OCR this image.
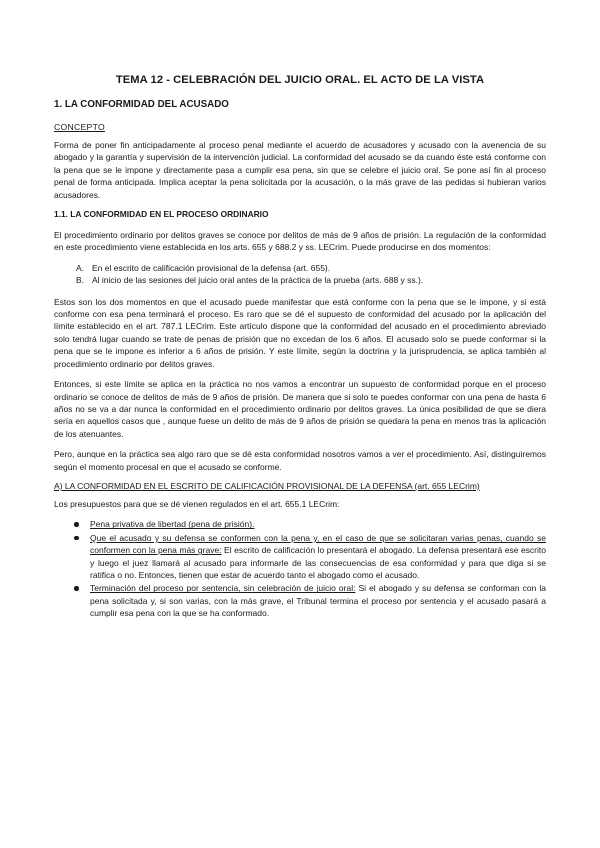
TEMA 12 - CELEBRACIÓN DEL JUICIO ORAL. EL ACTO DE LA VISTA
1. LA CONFORMIDAD DEL ACUSADO
CONCEPTO

Forma de poner fin anticipadamente al proceso penal mediante el acuerdo de acusadores y acusado con la avenencia de su abogado y la garantía y supervisión de la intervención judicial. La conformidad del acusado se da cuando éste está conforme con la pena que se le impone y directamente pasa a cumplir esa pena, sin que se celebre el juicio oral. Se pone así fin al proceso penal de forma anticipada. Implica aceptar la pena solicitada por la acusación, o la más grave de las pedidas si hubieran varios acusadores.

1.1. LA CONFORMIDAD EN EL PROCESO ORDINARIO

El procedimiento ordinario por delitos graves se conoce por delitos de más de 9 años de prisión. La regulación de la conformidad en este procedimiento viene establecida en los arts. 655 y 688.2 y ss. LECrim. Puede producirse en dos momentos:

A. En el escrito de calificación provisional de la defensa (art. 655).
B. Al inicio de las sesiones del juicio oral antes de la práctica de la prueba (arts. 688 y ss.).

Estos son los dos momentos en que el acusado puede manifestar que está conforme con la pena que se le impone, y si está conforme con esa pena terminará el proceso. Es raro que se dé el supuesto de conformidad del acusado por la aplicación del límite establecido en el art. 787.1 LECrim. Este artículo dispone que la conformidad del acusado en el procedimiento abreviado solo tendrá lugar cuando se trate de penas de prisión que no excedan de los 6 años. El acusado solo se puede conformar si la pena que se le impone es inferior a 6 años de prisión. Y este límite, según la doctrina y la jurisprudencia, se aplica también al procedimiento ordinario por delitos graves.

Entonces, si este límite se aplica en la práctica no nos vamos a encontrar un supuesto de conformidad porque en el proceso ordinario se conoce de delitos de más de 9 años de prisión. De manera que si solo te puedes conformar con una pena de hasta 6 años no se va a dar nunca la conformidad en el procedimiento ordinario por delitos graves. La única posibilidad de que se diera sería en aquellos casos que , aunque fuese un delito de más de 9 años de prisión se quedara la pena en menos tras la aplicación de los atenuantes.

Pero, aunque en la práctica sea algo raro que se dé esta conformidad nosotros vamos a ver el procedimiento. Así, distinguiremos según el momento procesal en que el acusado se conforme.

A) LA CONFORMIDAD EN EL ESCRITO DE CALIFICACIÓN PROVISIONAL DE LA DEFENSA (art. 655 LECrim)

Los presupuestos para que se dé vienen regulados en el art. 655.1 LECrim:

Pena privativa de libertad (pena de prisión).
Que el acusado y su defensa se conformen con la pena y, en el caso de que se solicitaran varias penas, cuando se conformen con la pena más grave: El escrito de calificación lo presentará el abogado. La defensa presentará ese escrito y luego el juez llamará al acusado para informarle de las consecuencias de esa conformidad y para que diga si se ratifica o no. Entonces, tienen que estar de acuerdo tanto el abogado como el acusado.
Terminación del proceso por sentencia, sin celebración de juicio oral: Si el abogado y su defensa se conforman con la pena solicitada y, si son varias, con la más grave, el Tribunal termina el proceso por sentencia y el acusado pasará a cumplir esa pena con la que se ha conformado.
